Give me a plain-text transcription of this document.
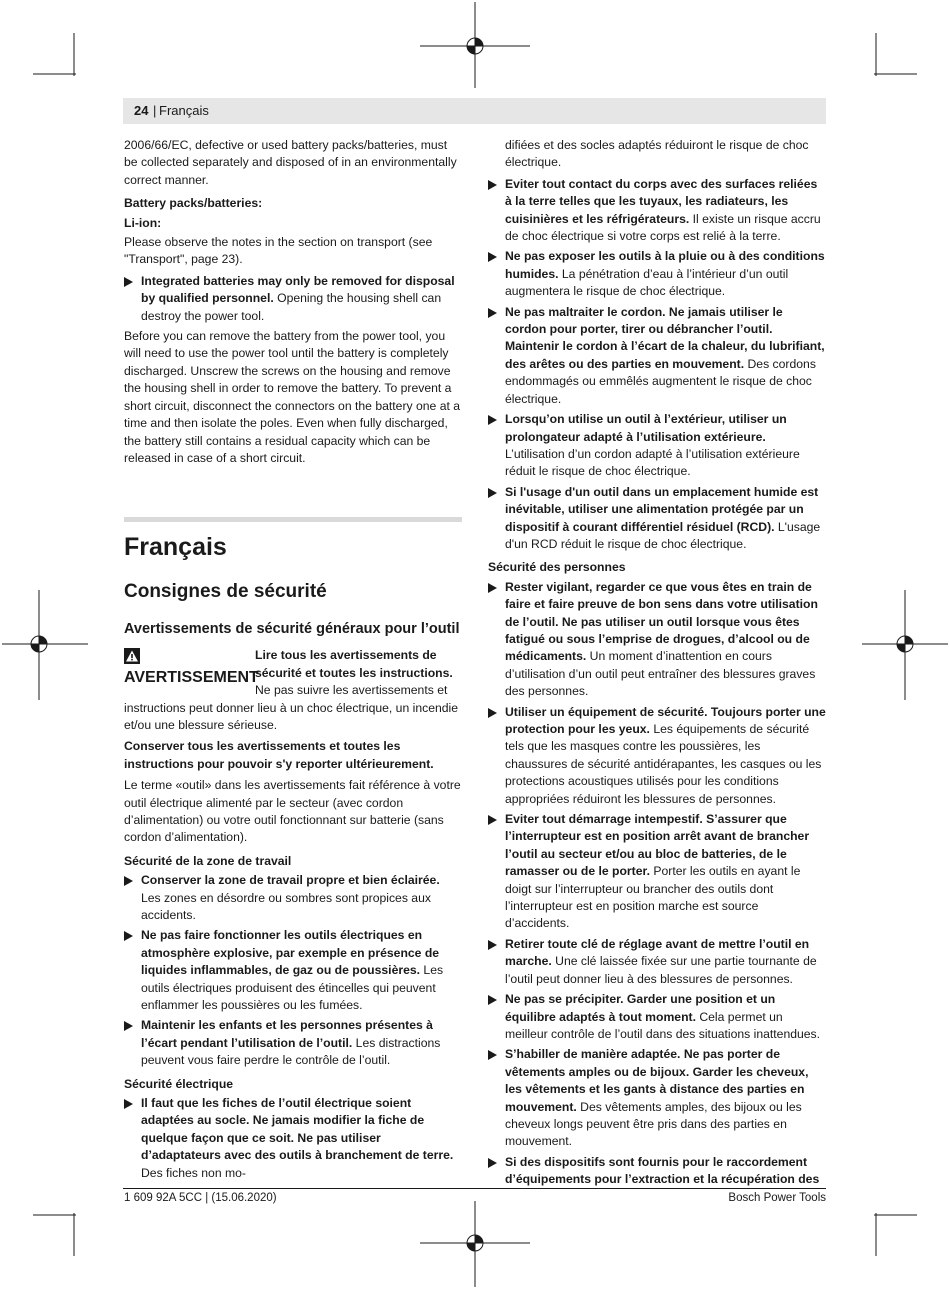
24 | Français

2006/66/EC, defective or used battery packs/batteries, must be collected separately and disposed of in an environmentally correct manner.

Battery packs/batteries:

Li-ion:

Please observe the notes in the section on transport (see "Transport", page 23).

Integrated batteries may only be removed for disposal by qualified personnel. Opening the housing shell can destroy the power tool.

Before you can remove the battery from the power tool, you will need to use the power tool until the battery is completely discharged. Unscrew the screws on the housing and remove the housing shell in order to remove the battery. To prevent a short circuit, disconnect the connectors on the battery one at a time and then isolate the poles. Even when fully discharged, the battery still contains a residual capacity which can be released in case of a short circuit.

Français
Consignes de sécurité
Avertissements de sécurité généraux pour l’outil
AVERTISSEMENT
Lire tous les avertissements de sécurité et toutes les instructions. Ne pas suivre les avertissements et instructions peut donner lieu à un choc électrique, un incendie et/ou une blessure sérieuse.

Conserver tous les avertissements et toutes les instructions pour pouvoir s'y reporter ultérieurement.

Le terme «outil» dans les avertissements fait référence à votre outil électrique alimenté par le secteur (avec cordon d’alimentation) ou votre outil fonctionnant sur batterie (sans cordon d’alimentation).

Sécurité de la zone de travail

Conserver la zone de travail propre et bien éclairée. Les zones en désordre ou sombres sont propices aux accidents.
Ne pas faire fonctionner les outils électriques en atmosphère explosive, par exemple en présence de liquides inflammables, de gaz ou de poussières. Les outils électriques produisent des étincelles qui peuvent enflammer les poussières ou les fumées.
Maintenir les enfants et les personnes présentes à l’écart pendant l’utilisation de l’outil. Les distractions peuvent vous faire perdre le contrôle de l’outil.

Sécurité électrique

Il faut que les fiches de l’outil électrique soient adaptées au socle. Ne jamais modifier la fiche de quelque façon que ce soit. Ne pas utiliser d’adaptateurs avec des outils à branchement de terre. Des fiches non mo-

difiées et des socles adaptés réduiront le risque de choc électrique.

Eviter tout contact du corps avec des surfaces reliées à la terre telles que les tuyaux, les radiateurs, les cuisinières et les réfrigérateurs. Il existe un risque accru de choc électrique si votre corps est relié à la terre.
Ne pas exposer les outils à la pluie ou à des conditions humides. La pénétration d’eau à l’intérieur d’un outil augmentera le risque de choc électrique.
Ne pas maltraiter le cordon. Ne jamais utiliser le cordon pour porter, tirer ou débrancher l’outil. Maintenir le cordon à l’écart de la chaleur, du lubrifiant, des arêtes ou des parties en mouvement. Des cordons endommagés ou emmêlés augmentent le risque de choc électrique.
Lorsqu’on utilise un outil à l’extérieur, utiliser un prolongateur adapté à l’utilisation extérieure. L’utilisation d’un cordon adapté à l’utilisation extérieure réduit le risque de choc électrique.
Si l'usage d'un outil dans un emplacement humide est inévitable, utiliser une alimentation protégée par un dispositif à courant différentiel résiduel (RCD). L'usage d'un RCD réduit le risque de choc électrique.

Sécurité des personnes

Rester vigilant, regarder ce que vous êtes en train de faire et faire preuve de bon sens dans votre utilisation de l’outil. Ne pas utiliser un outil lorsque vous êtes fatigué ou sous l’emprise de drogues, d’alcool ou de médicaments. Un moment d’inattention en cours d’utilisation d’un outil peut entraîner des blessures graves des personnes.
Utiliser un équipement de sécurité. Toujours porter une protection pour les yeux. Les équipements de sécurité tels que les masques contre les poussières, les chaussures de sécurité antidérapantes, les casques ou les protections acoustiques utilisés pour les conditions appropriées réduiront les blessures de personnes.
Eviter tout démarrage intempestif. S’assurer que l’interrupteur est en position arrêt avant de brancher l’outil au secteur et/ou au bloc de batteries, de le ramasser ou de le porter. Porter les outils en ayant le doigt sur l’interrupteur ou brancher des outils dont l’interrupteur est en position marche est source d’accidents.
Retirer toute clé de réglage avant de mettre l’outil en marche. Une clé laissée fixée sur une partie tournante de l’outil peut donner lieu à des blessures de personnes.
Ne pas se précipiter. Garder une position et un équilibre adaptés à tout moment. Cela permet un meilleur contrôle de l’outil dans des situations inattendues.
S’habiller de manière adaptée. Ne pas porter de vêtements amples ou de bijoux. Garder les cheveux, les vêtements et les gants à distance des parties en mouvement. Des vêtements amples, des bijoux ou les cheveux longs peuvent être pris dans des parties en mouvement.
Si des dispositifs sont fournis pour le raccordement d’équipements pour l’extraction et la récupération des
1 609 92A 5CC | (15.06.2020)	Bosch Power Tools
